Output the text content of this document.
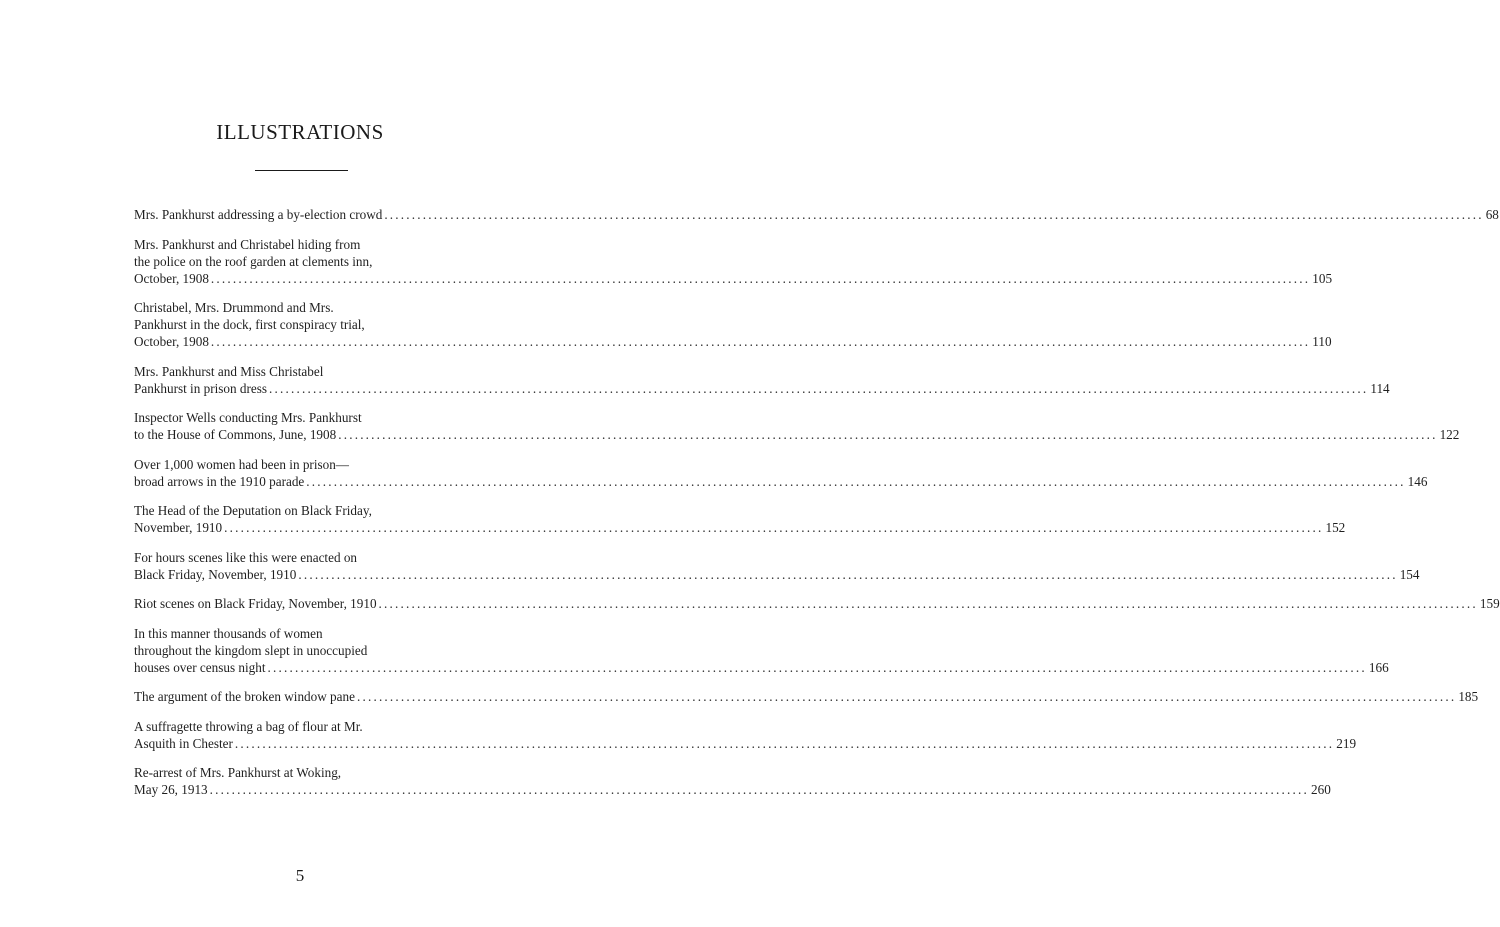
ILLUSTRATIONS
Mrs. Pankhurst addressing a by-election crowd ........................................................................................................................................................................................................ 68
Mrs. Pankhurst and Christabel hiding from
the police on the roof garden at clements inn,
October, 1908 ........................................................................................................................................................................................................ 105
Christabel, Mrs. Drummond and Mrs.
Pankhurst in the dock, first conspiracy trial,
October, 1908 ........................................................................................................................................................................................................ 110
Mrs. Pankhurst and Miss Christabel
Pankhurst in prison dress ........................................................................................................................................................................................................ 114
Inspector Wells conducting Mrs. Pankhurst
to the House of Commons, June, 1908 ........................................................................................................................................................................................................ 122
Over 1,000 women had been in prison—
broad arrows in the 1910 parade ........................................................................................................................................................................................................ 146
The Head of the Deputation on Black Friday,
November, 1910 ........................................................................................................................................................................................................ 152
For hours scenes like this were enacted on
Black Friday, November, 1910 ........................................................................................................................................................................................................ 154
Riot scenes on Black Friday, November, 1910 ........................................................................................................................................................................................................ 159
In this manner thousands of women
throughout the kingdom slept in unoccupied
houses over census night ........................................................................................................................................................................................................ 166
The argument of the broken window pane ........................................................................................................................................................................................................ 185
A suffragette throwing a bag of flour at Mr.
Asquith in Chester ........................................................................................................................................................................................................ 219
Re-arrest of Mrs. Pankhurst at Woking,
May 26, 1913 ........................................................................................................................................................................................................ 260
5
